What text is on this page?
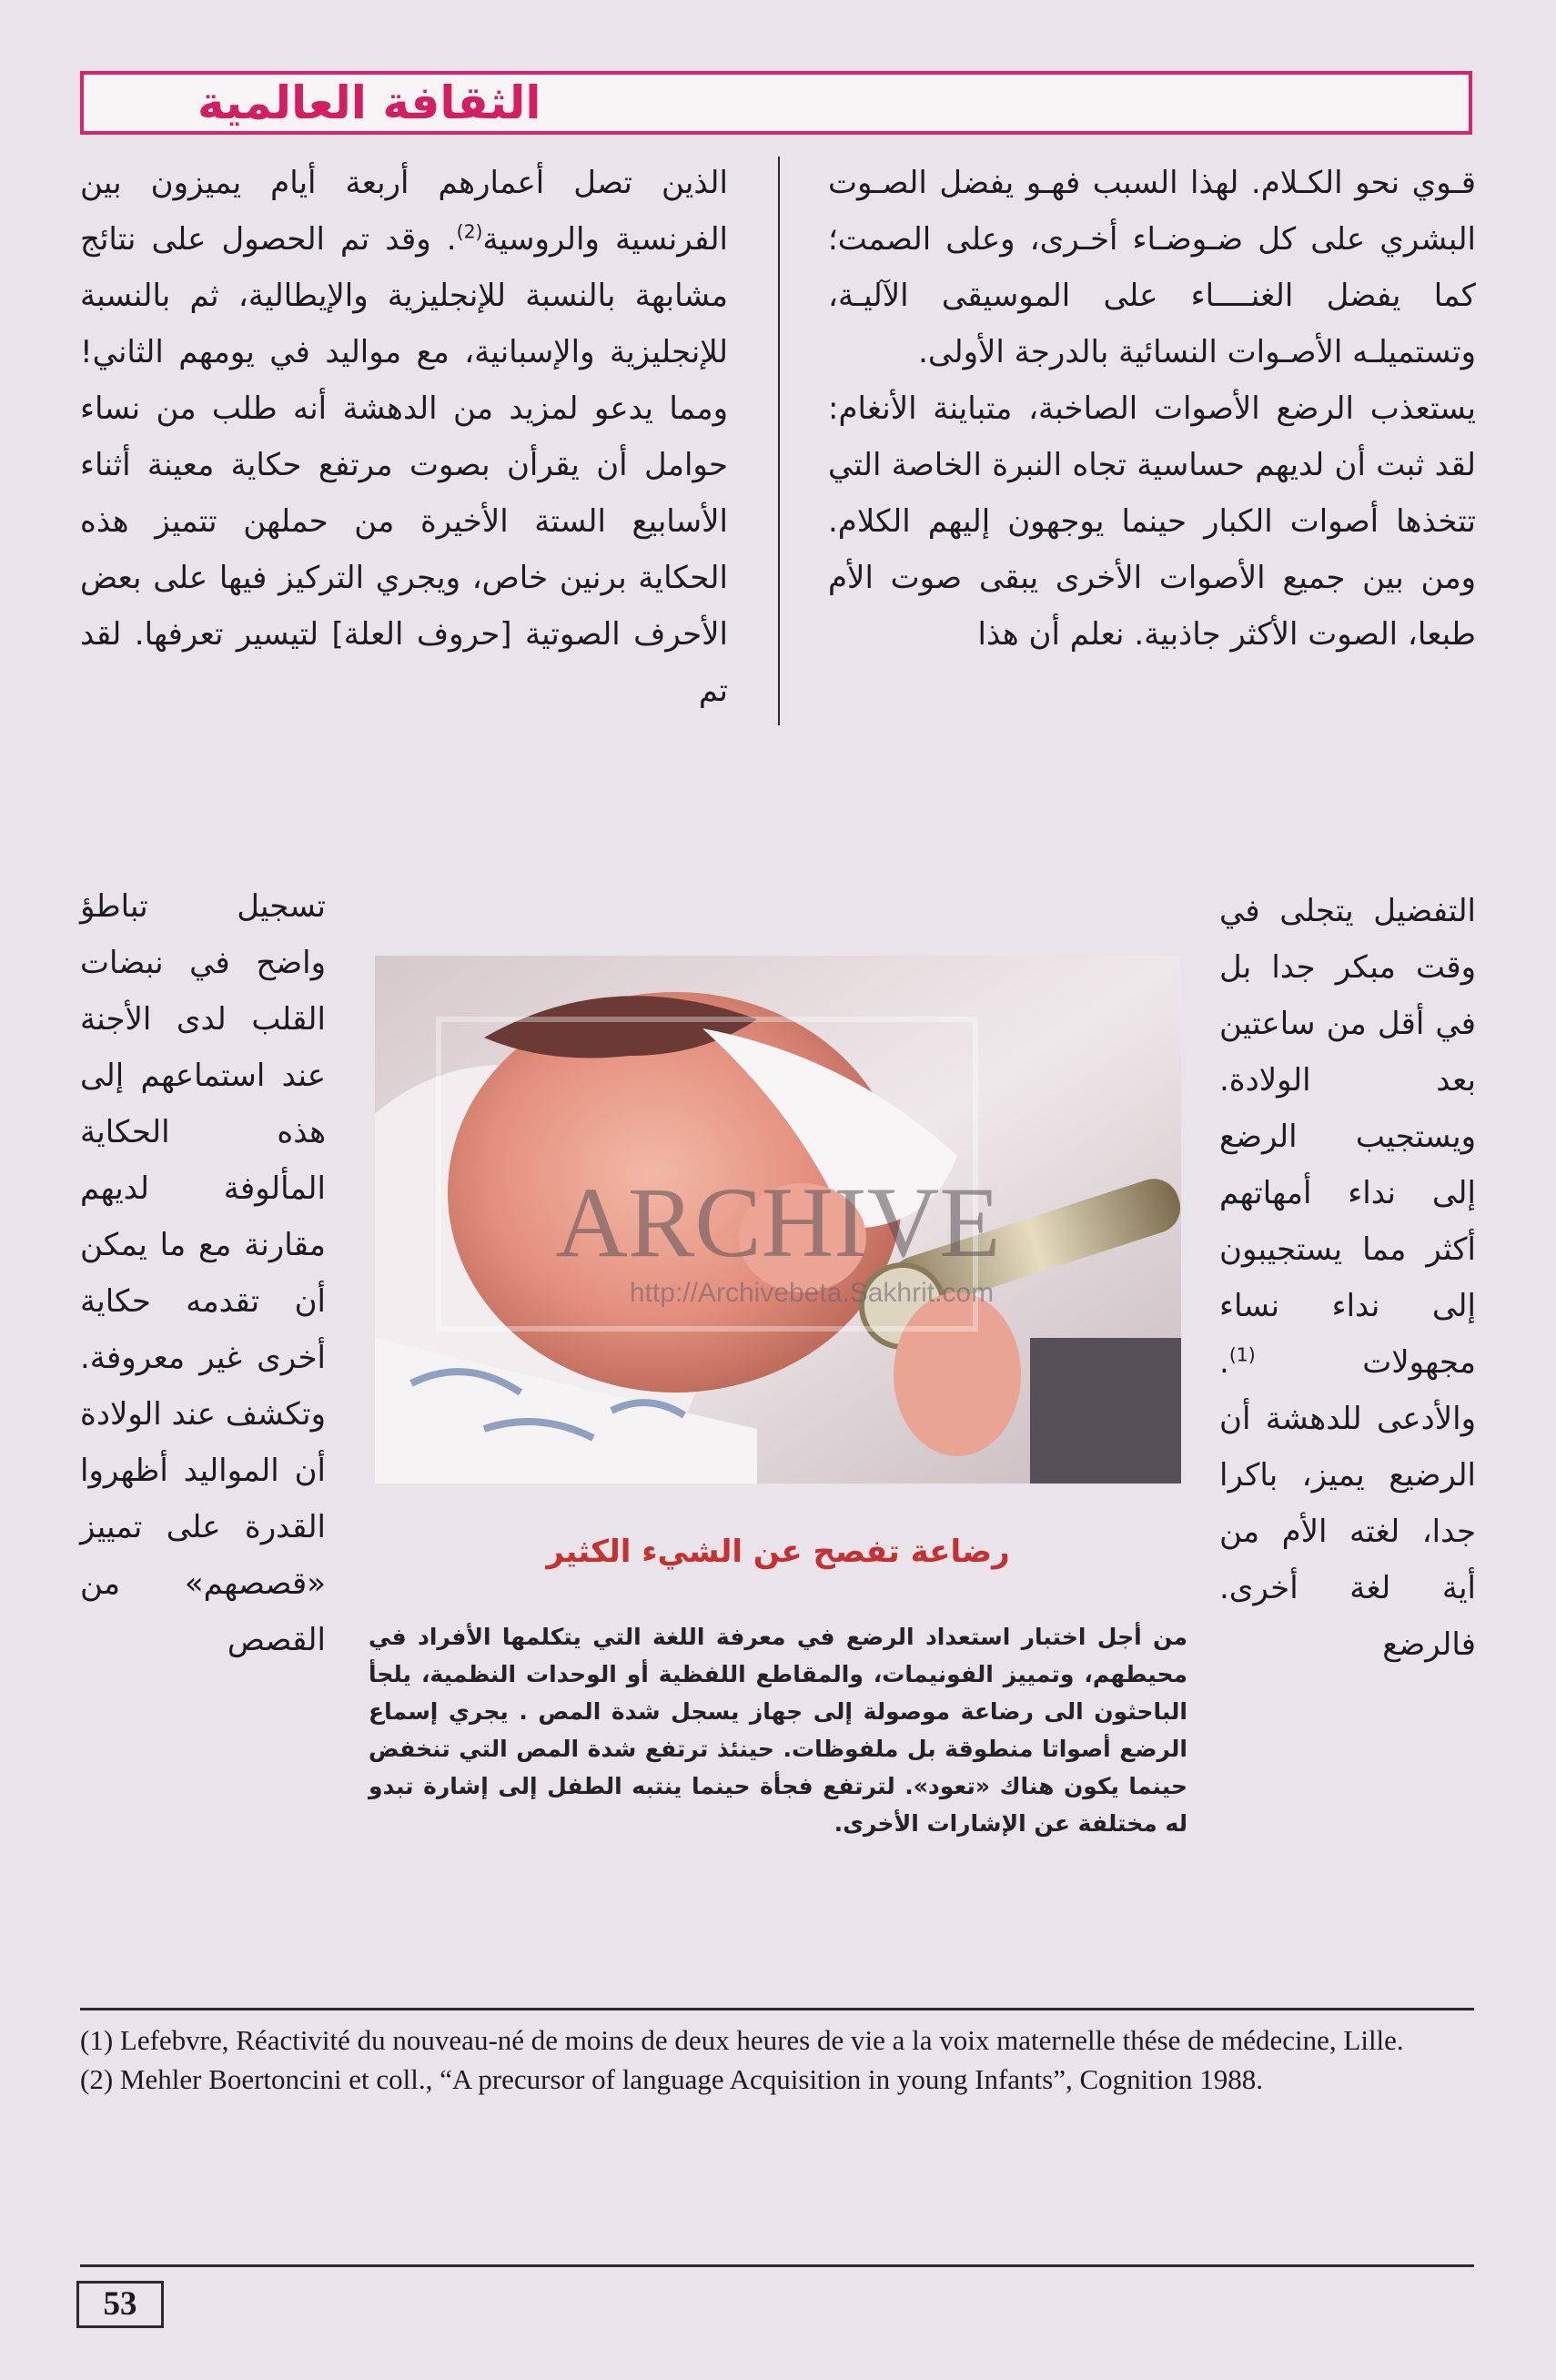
الثقافة العالمية

قـوي نحو الكـلام. لهذا السبب فهـو يفضل الصـوت البشري على كل ضـوضـاء أخـرى، وعلى الصمت؛ كما يفضل الغنــــاء على الموسيقى الآليـة، وتستميلـه الأصـوات النسائية بالدرجة الأولى.

يستعذب الرضع الأصوات الصاخبة، متباينة الأنغام: لقد ثبت أن لديهم حساسية تجاه النبرة الخاصة التي تتخذها أصوات الكبار حينما يوجهون إليهم الكلام. ومن بين جميع الأصوات الأخرى يبقى صوت الأم طبعا، الصوت الأكثر جاذبية. نعلم أن هذا

الذين تصل أعمارهم أربعة أيام يميزون بين الفرنسية والروسية$^{(2)}$. وقد تم الحصول على نتائج مشابهة بالنسبة للإنجليزية والإيطالية، ثم بالنسبة للإنجليزية والإسبانية، مع مواليد في يومهم الثاني! ومما يدعو لمزيد من الدهشة أنه طلب من نساء حوامل أن يقرأن بصوت مرتفع حكاية معينة أثناء الأسابيع الستة الأخيرة من حملهن تتميز هذه الحكاية برنين خاص، ويجري التركيز فيها على بعض الأحرف الصوتية [حروف العلة] لتيسير تعرفها. لقد تم

التفضيل يتجلى في وقت مبكر جدا بل في أقل من ساعتين بعد الولادة. ويستجيب الرضع إلى نداء أمهاتهم أكثر مما يستجيبون إلى نداء نساء مجهولات $^{(1)}$. والأدعى للدهشة أن الرضيع يميز، باكرا جدا، لغته الأم من أية لغة أخرى. فالرضع

تسجيل تباطؤ واضح في نبضات القلب لدى الأجنة عند استماعهم إلى هذه الحكاية المألوفة لديهم مقارنة مع ما يمكن أن تقدمه حكاية أخرى غير معروفة. وتكشف عند الولادة أن المواليد أظهروا القدرة على تمييز «قصصهم» من القصص

ARCHIVE
http://Archivebeta.Sakhrit.com
رضاعة تفصح عن الشيء الكثير
من أجل اختبار استعداد الرضع في معرفة اللغة التي يتكلمها الأفراد في محيطهم، وتمييز الفونيمات، والمقاطع اللفظية أو الوحدات النظمية، يلجأ الباحثون الى رضاعة موصولة إلى جهاز يسجل شدة المص . يجري إسماع الرضع أصواتا منطوقة بل ملفوظات. حينئذ ترتفع شدة المص التي تنخفض حينما يكون هناك «تعود». لترتفع فجأة حينما ينتبه الطفل إلى إشارة تبدو له مختلفة عن الإشارات الأخرى.

(1) Lefebvre, Réactivité du nouveau-né de moins de deux heures de vie a la voix maternelle thése de médecine, Lille.

(2) Mehler Boertoncini et coll., “A precursor of language Acquisition in young Infants”, Cognition 1988.

53
